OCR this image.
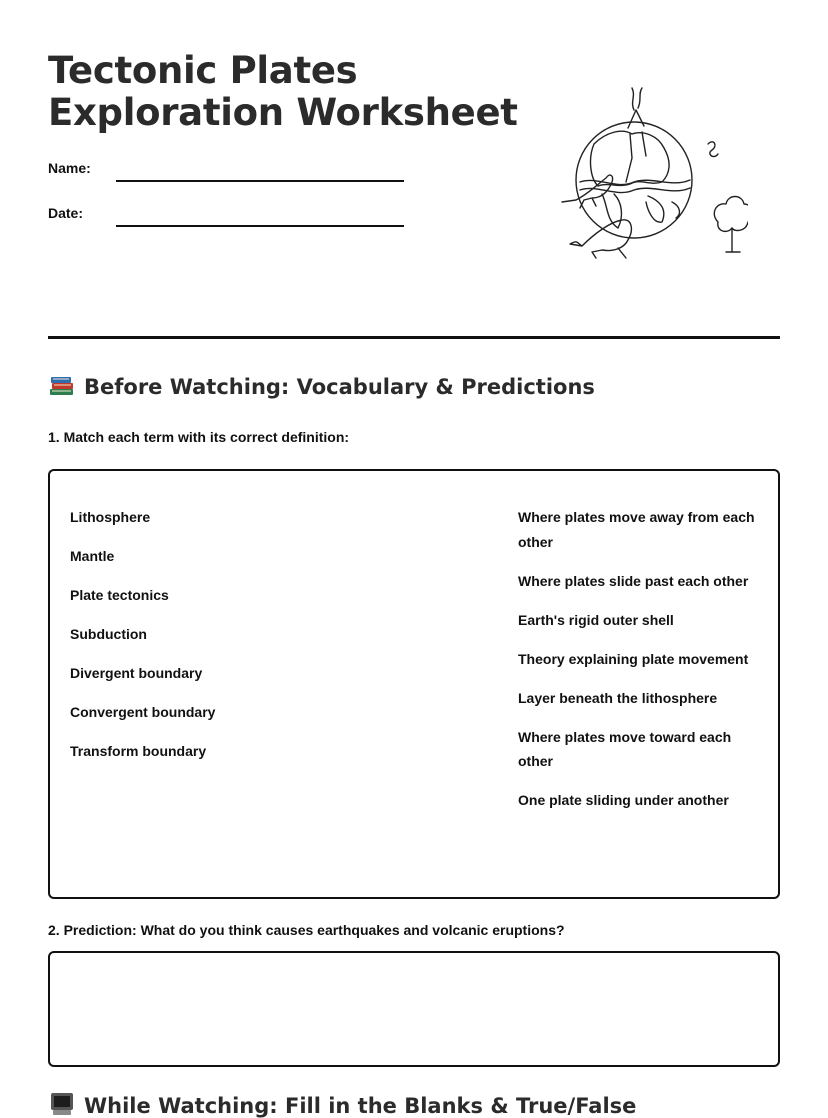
Tectonic Plates
Exploration Worksheet
Name:
Date:
Before Watching: Vocabulary & Predictions
1. Match each term with its correct definition:
Lithosphere
Mantle
Plate tectonics
Subduction
Divergent boundary
Convergent boundary
Transform boundary
Where plates move away from each other
Where plates slide past each other
Earth's rigid outer shell
Theory explaining plate movement
Layer beneath the lithosphere
Where plates move toward each other
One plate sliding under another
2. Prediction: What do you think causes earthquakes and volcanic eruptions?
While Watching: Fill in the Blanks & True/False
